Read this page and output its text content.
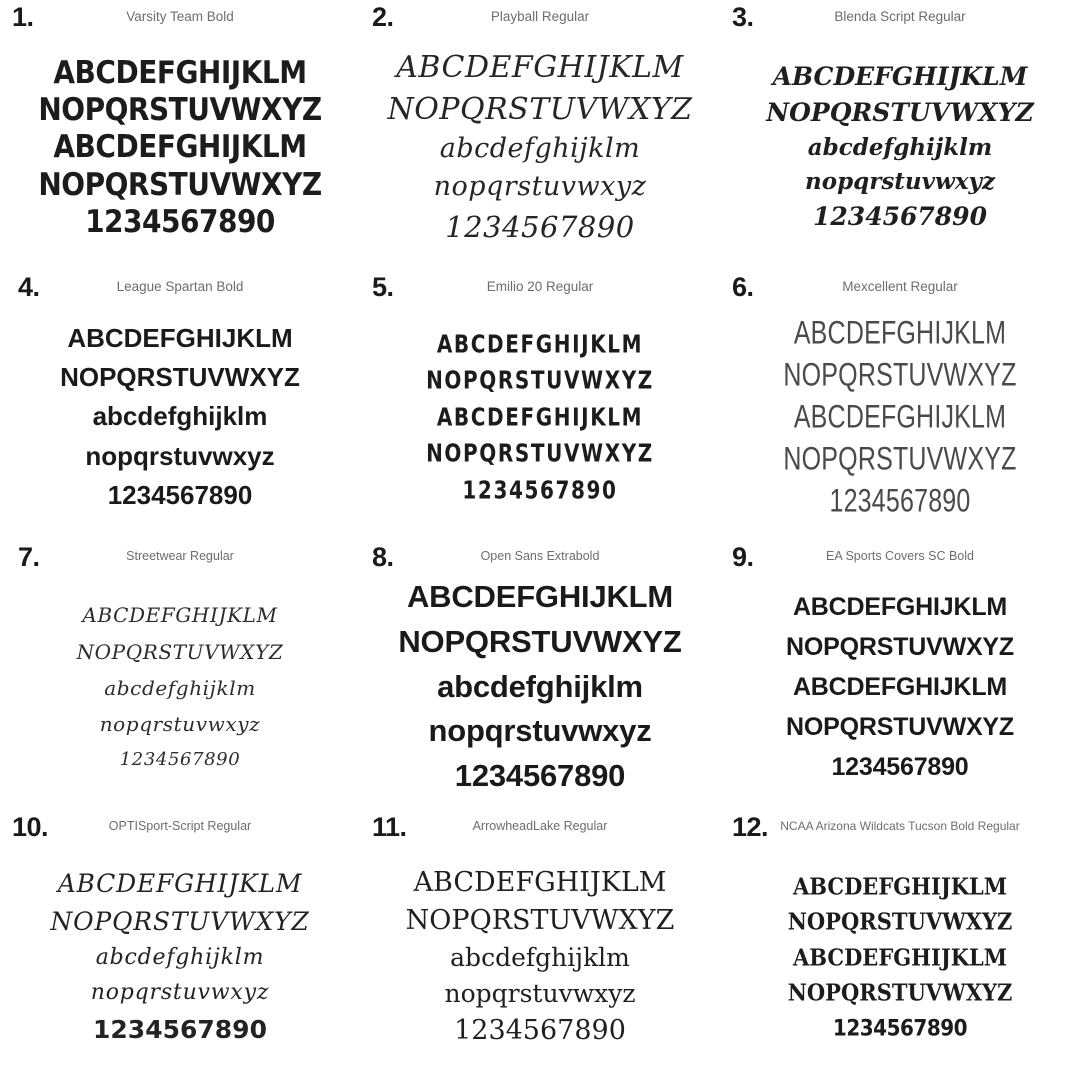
1.	Varsity Team Bold
ABCDEFGHIJKLM
NOPQRSTUVWXYZ
ABCDEFGHIJKLM
NOPQRSTUVWXYZ
1234567890
2.	Playball Regular
ABCDEFGHIJKLM
NOPQRSTUVWXYZ
abcdefghijklm
nopqrstuvwxyz
1234567890
3.	Blenda Script Regular
ABCDEFGHIJKLM
NOPQRSTUVWXYZ
abcdefghijklm
nopqrstuvwxyz
1234567890
4.	League Spartan Bold
ABCDEFGHIJKLM
NOPQRSTUVWXYZ
abcdefghijklm
nopqrstuvwxyz
1234567890
5.	Emilio 20 Regular
ABCDEFGHIJKLM
NOPQRSTUVWXYZ
ABCDEFGHIJKLM
NOPQRSTUVWXYZ
1234567890
6.	Mexcellent Regular
ABCDEFGHIJKLM
NOPQRSTUVWXYZ
ABCDEFGHIJKLM
NOPQRSTUVWXYZ
1234567890
7.	Streetwear Regular
ABCDEFGHIJKLM
NOPQRSTUVWXYZ
abcdefghijklm
nopqrstuvwxyz
1234567890
8.	Open Sans Extrabold
ABCDEFGHIJKLM
NOPQRSTUVWXYZ
abcdefghijklm
nopqrstuvwxyz
1234567890
9.	EA Sports Covers SC Bold
ABCDEFGHIJKLM
NOPQRSTUVWXYZ
ABCDEFGHIJKLM
NOPQRSTUVWXYZ
1234567890
10.	OPTISport-Script Regular
ABCDEFGHIJKLM
NOPQRSTUVWXYZ
abcdefghijklm
nopqrstuvwxyz
1234567890
11.	ArrowheadLake Regular
ABCDEFGHIJKLM
NOPQRSTUVWXYZ
abcdefghijklm
nopqrstuvwxyz
1234567890
12. NCAA Arizona Wildcats Tucson Bold Regular
ABCDEFGHIJKLM
NOPQRSTUVWXYZ
ABCDEFGHIJKLM
NOPQRSTUVWXYZ
1234567890
